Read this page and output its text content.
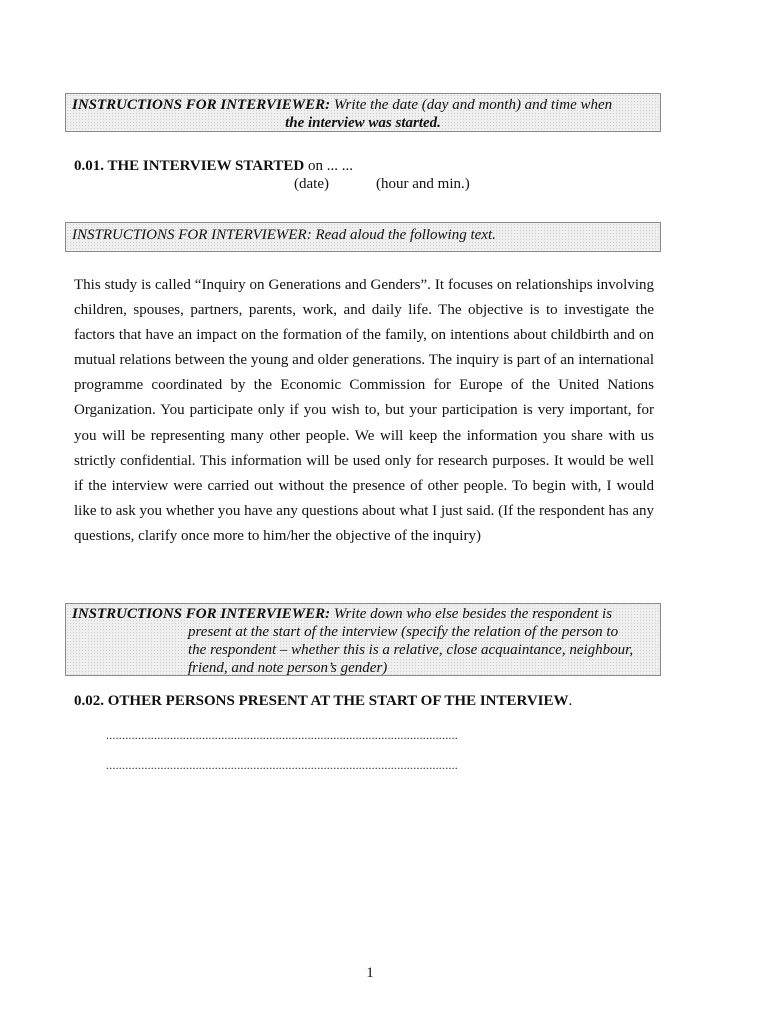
INSTRUCTIONS FOR INTERVIEWER: Write the date (day and month) and time when
the interview was started.
0.01. THE INTERVIEW STARTED on ... ...
(date)	(hour and min.)
INSTRUCTIONS FOR INTERVIEWER: Read aloud the following text.
This study is called “Inquiry on Generations and Genders”. It focuses on relationships involving children, spouses, partners, parents, work, and daily life. The objective is to investigate the factors that have an impact on the formation of the family, on intentions about childbirth and on mutual relations between the young and older generations. The inquiry is part of an international programme coordinated by the Economic Commission for Europe of the United Nations Organization. You participate only if you wish to, but your participation is very important, for you will be representing many other people. We will keep the information you share with us strictly confidential. This information will be used only for research purposes. It would be well if the interview were carried out without the presence of other people. To begin with, I would like to ask you whether you have any questions about what I just said. (If the respondent has any questions, clarify once more to him/her the objective of the inquiry)
INSTRUCTIONS FOR INTERVIEWER: Write down who else besides the respondent is
present at the start of the interview (specify the relation of the person to
the respondent – whether this is a relative, close acquaintance, neighbour,
friend, and note person’s gender)
0.02. OTHER PERSONS PRESENT AT THE START OF THE INTERVIEW.
..............................................................................................................
..............................................................................................................
1
